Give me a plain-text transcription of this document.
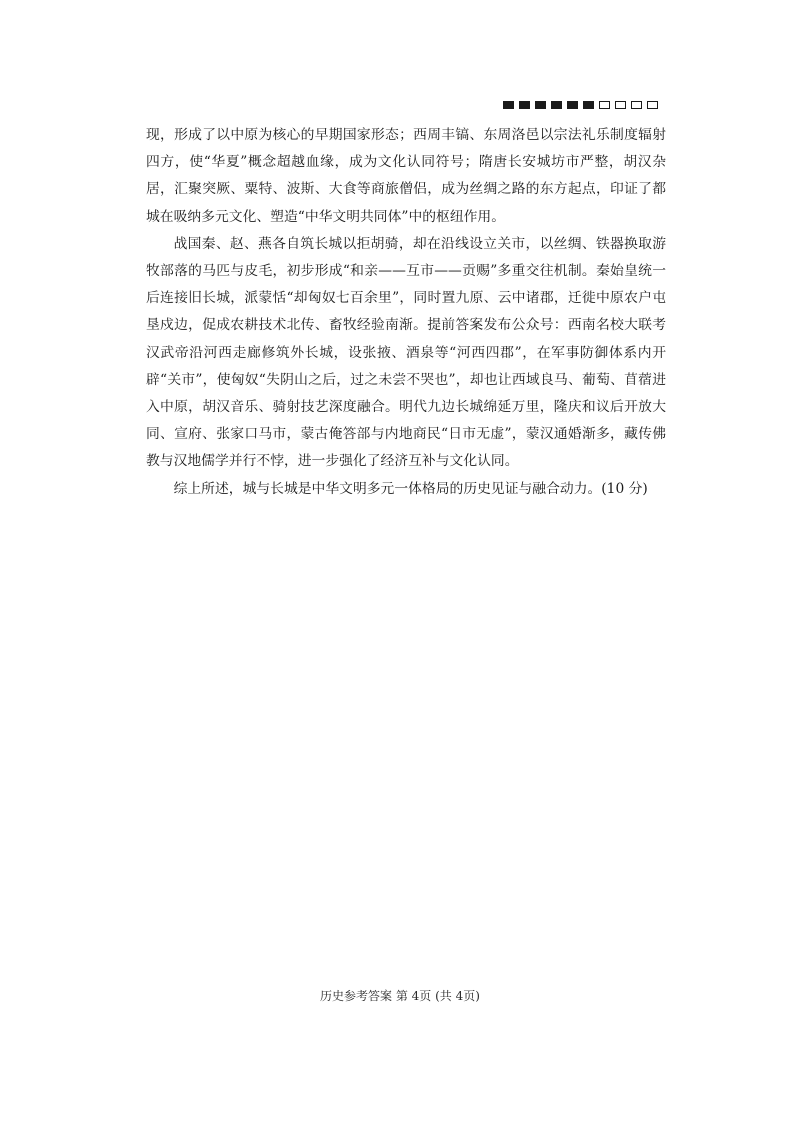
现，形成了以中原为核心的早期国家形态；西周丰镐、东周洛邑以宗法礼乐制度辐射四方，使“华夏”概念超越血缘，成为文化认同符号；隋唐长安城坊市严整，胡汉杂居，汇聚突厥、粟特、波斯、大食等商旅僧侣，成为丝绸之路的东方起点，印证了都城在吸纳多元文化、塑造“中华文明共同体”中的枢纽作用。

战国秦、赵、燕各自筑长城以拒胡骑，却在沿线设立关市，以丝绸、铁器换取游牧部落的马匹与皮毛，初步形成“和亲——互市——贡赐”多重交往机制。秦始皇统一后连接旧长城，派蒙恬“却匈奴七百余里”，同时置九原、云中诸郡，迁徙中原农户屯垦戍边，促成农耕技术北传、畜牧经验南渐。提前答案发布公众号：西南名校大联考汉武帝沿河西走廊修筑外长城，设张掖、酒泉等“河西四郡”，在军事防御体系内开辟“关市”，使匈奴“失阴山之后，过之未尝不哭也”，却也让西域良马、葡萄、苜蓿进入中原，胡汉音乐、骑射技艺深度融合。明代九边长城绵延万里，隆庆和议后开放大同、宣府、张家口马市，蒙古俺答部与内地商民“日市无虚”，蒙汉通婚渐多，藏传佛教与汉地儒学并行不悖，进一步强化了经济互补与文化认同。

综上所述，城与长城是中华文明多元一体格局的历史见证与融合动力。(10 分)

历史参考答案 第 4页 (共 4页)
